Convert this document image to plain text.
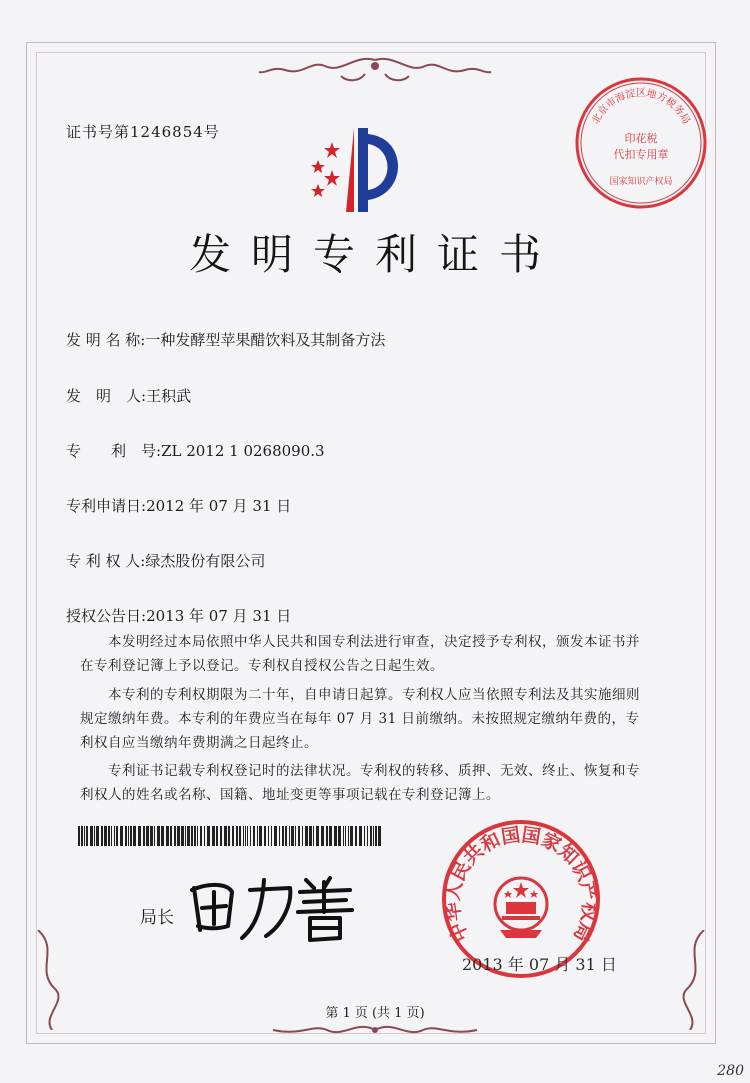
证书号第1246854号
北京市海淀区地方税务局
印花税
代扣专用章
国家知识产权局
发明专利证书
发 明 名 称:一种发酵型苹果醋饮料及其制备方法
发　明　人:王积武
专　　利　号:ZL 2012 1 0268090.3
专利申请日:2012 年 07 月 31 日
专 利 权 人:绿杰股份有限公司
授权公告日:2013 年 07 月 31 日
本发明经过本局依照中华人民共和国专利法进行审查，决定授予专利权，颁发本证书并在专利登记簿上予以登记。专利权自授权公告之日起生效。
本专利的专利权期限为二十年，自申请日起算。专利权人应当依照专利法及其实施细则规定缴纳年费。本专利的年费应当在每年 07 月 31 日前缴纳。未按照规定缴纳年费的，专利权自应当缴纳年费期满之日起终止。
专利证书记载专利权登记时的法律状况。专利权的转移、质押、无效、终止、恢复和专利权人的姓名或名称、国籍、地址变更等事项记载在专利登记簿上。
局长
中华人民共和国国家知识产权局
2013 年 07 月 31 日
第 1 页 (共 1 页)
280
